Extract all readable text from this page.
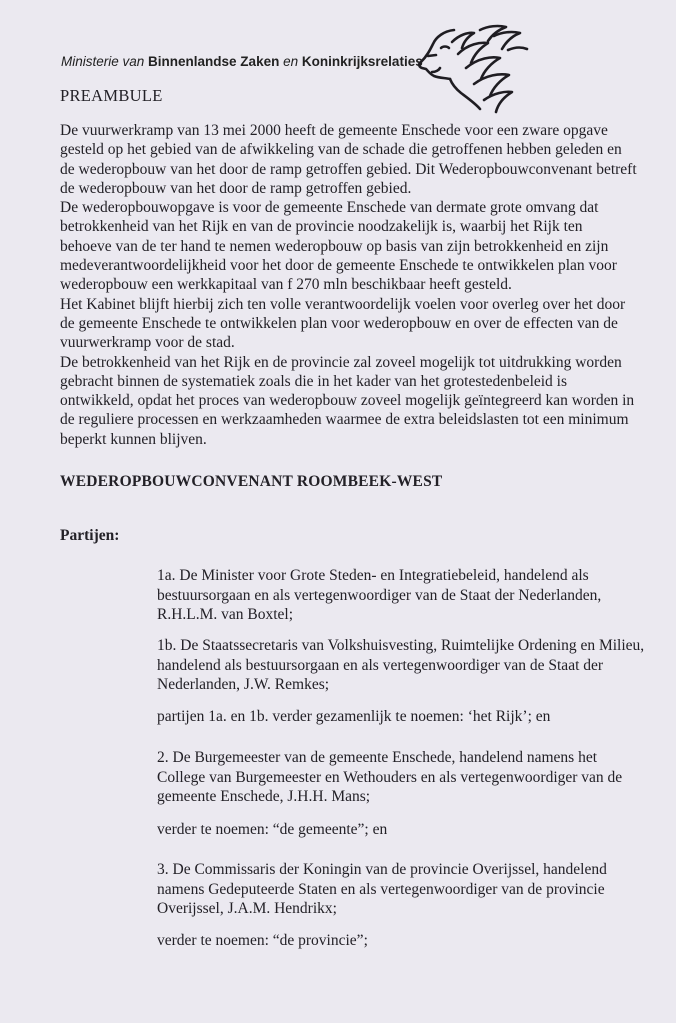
Ministerie van Binnenlandse Zaken en Koninkrijksrelaties
PREAMBULE

De vuurwerkramp van 13 mei 2000 heeft de gemeente Enschede voor een zware opgave gesteld op het gebied van de afwikkeling van de schade die getroffenen hebben geleden en de wederopbouw van het door de ramp getroffen gebied. Dit Wederopbouwconvenant betreft de wederopbouw van het door de ramp getroffen gebied.

De wederopbouwopgave is voor de gemeente Enschede van dermate grote omvang dat betrokkenheid van het Rijk en van de provincie noodzakelijk is, waarbij het Rijk ten behoeve van de ter hand te nemen wederopbouw op basis van zijn betrokkenheid en zijn medeverantwoordelijkheid voor het door de gemeente Enschede te ontwikkelen plan voor wederopbouw een werkkapitaal van f 270 mln beschikbaar heeft gesteld.

Het Kabinet blijft hierbij zich ten volle verantwoordelijk voelen voor overleg over het door de gemeente Enschede te ontwikkelen plan voor wederopbouw en over de effecten van de vuurwerkramp voor de stad.

De betrokkenheid van het Rijk en de provincie zal zoveel mogelijk tot uitdrukking worden gebracht binnen de systematiek zoals die in het kader van het grotestedenbeleid is ontwikkeld, opdat het proces van wederopbouw zoveel mogelijk geïntegreerd kan worden in de reguliere processen en werkzaamheden waarmee de extra beleidslasten tot een minimum beperkt kunnen blijven.

WEDEROPBOUWCONVENANT ROOMBEEK-WEST
Partijen:

1a. De Minister voor Grote Steden- en Integratiebeleid, handelend als bestuursorgaan en als vertegenwoordiger van de Staat der Nederlanden, R.H.L.M. van Boxtel;

1b. De Staatssecretaris van Volkshuisvesting, Ruimtelijke Ordening en Milieu, handelend als bestuursorgaan en als vertegenwoordiger van de Staat der Nederlanden, J.W. Remkes;

partijen 1a. en 1b. verder gezamenlijk te noemen: ‘het Rijk’; en

2. De Burgemeester van de gemeente Enschede, handelend namens het College van Burgemeester en Wethouders en als vertegenwoordiger van de gemeente Enschede, J.H.H. Mans;

verder te noemen: “de gemeente”; en

3. De Commissaris der Koningin van de provincie Overijssel, handelend namens Gedeputeerde Staten en als vertegenwoordiger van de provincie Overijssel, J.A.M. Hendrikx;

verder te noemen: “de provincie”;
